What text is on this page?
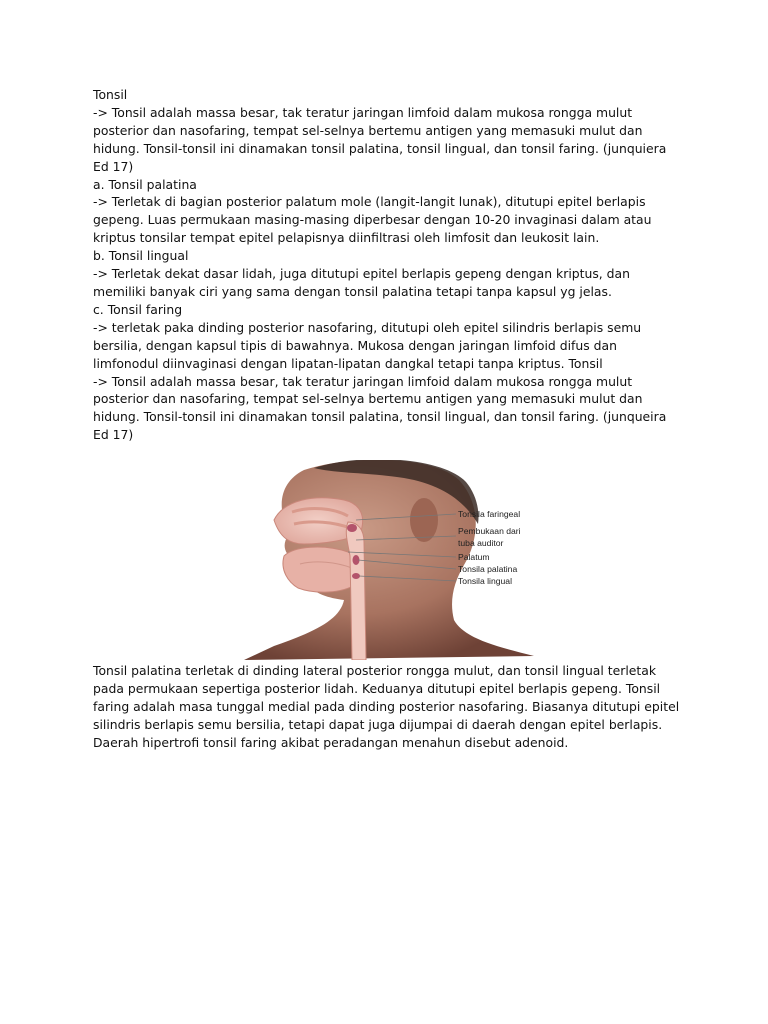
Tonsil

-> Tonsil adalah massa besar, tak teratur jaringan limfoid dalam mukosa rongga mulut posterior dan nasofaring, tempat sel-selnya bertemu antigen yang memasuki mulut dan hidung. Tonsil-tonsil ini dinamakan tonsil palatina, tonsil lingual, dan tonsil faring. (junquiera Ed 17)

a. Tonsil palatina

-> Terletak di bagian posterior palatum mole (langit-langit lunak), ditutupi epitel berlapis gepeng. Luas permukaan masing-masing diperbesar dengan 10-20 invaginasi dalam atau kriptus tonsilar tempat epitel pelapisnya diinfiltrasi oleh limfosit dan leukosit lain.

b. Tonsil lingual

-> Terletak dekat dasar lidah, juga ditutupi epitel berlapis gepeng dengan kriptus, dan memiliki banyak ciri yang sama dengan tonsil palatina tetapi tanpa kapsul yg jelas.

c. Tonsil faring

-> terletak paka dinding posterior nasofaring, ditutupi oleh epitel silindris berlapis semu bersilia, dengan kapsul tipis di bawahnya. Mukosa dengan jaringan limfoid difus dan limfonodul diinvaginasi dengan lipatan-lipatan dangkal tetapi tanpa kriptus. Tonsil

-> Tonsil adalah massa besar, tak teratur jaringan limfoid dalam mukosa rongga mulut posterior dan nasofaring, tempat sel-selnya bertemu antigen yang memasuki mulut dan hidung. Tonsil-tonsil ini dinamakan tonsil palatina, tonsil lingual, dan tonsil faring. (junqueira Ed 17)

Tonsila faringeal
Pembukaan dari
tuba auditor
Palatum
Tonsila palatina
Tonsila lingual

Tonsil palatina terletak di dinding lateral posterior rongga mulut, dan tonsil lingual terletak pada permukaan sepertiga posterior lidah. Keduanya ditutupi epitel berlapis gepeng. Tonsil faring adalah masa tunggal medial pada dinding posterior nasofaring. Biasanya ditutupi epitel silindris berlapis semu bersilia, tetapi dapat juga dijumpai di daerah dengan epitel berlapis. Daerah hipertrofi tonsil faring akibat peradangan menahun disebut adenoid.
